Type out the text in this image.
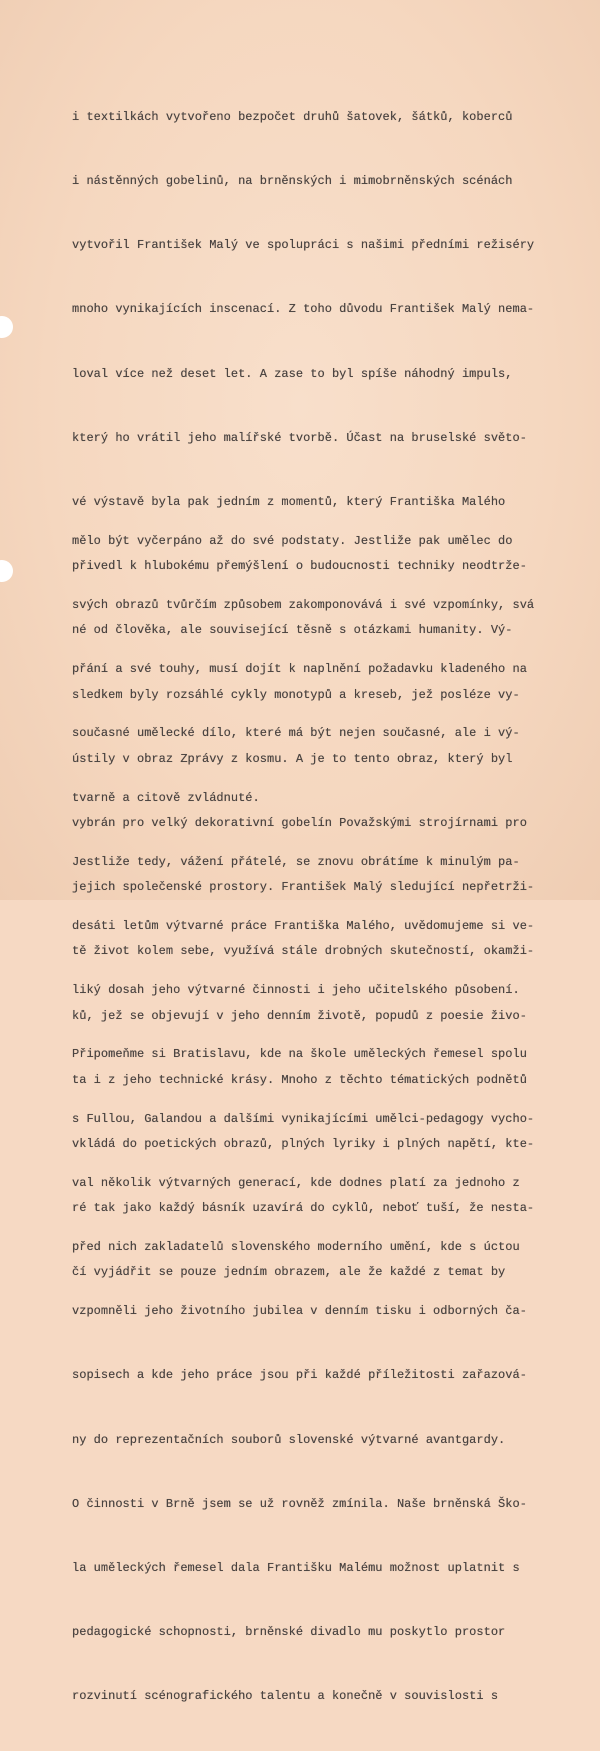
i textilkách vytvořeno bezpočet druhů šatovek, šátků, koberců

i nástěnných gobelinů, na brněnských i mimobrněnských scénách

vytvořil František Malý ve spolupráci s našimi předními režiséry

mnoho vynikajících inscenací. Z toho důvodu František Malý nema-

loval více než deset let. A zase to byl spíše náhodný impuls,

který ho vrátil jeho malířské tvorbě. Účast na bruselské světo-

vé výstavě byla pak jedním z momentů, který Františka Malého

přivedl k hlubokému přemýšlení o budoucnosti techniky neodtrže-

né od člověka, ale související těsně s otázkami humanity. Vý-

sledkem byly rozsáhlé cykly monotypů a kreseb, jež posléze vy-

ústily v obraz Zprávy z kosmu. A je to tento obraz, který byl

vybrán pro velký dekorativní gobelín Považskými strojírnami pro

jejich společenské prostory. František Malý sledující nepřetrži-

tě život kolem sebe, využívá stále drobných skutečností, okamži-

ků, jež se objevují v jeho denním životě, popudů z poesie živo-

ta i z jeho technické krásy. Mnoho z těchto tématických podnětů

vkládá do poetických obrazů, plných lyriky i plných napětí, kte-

ré tak jako každý básník uzavírá do cyklů, neboť tuší, že nesta-

čí vyjádřit se pouze jedním obrazem, ale že každé z temat by

mělo být vyčerpáno až do své podstaty. Jestliže pak umělec do

svých obrazů tvůrčím způsobem zakomponovává i své vzpomínky, svá

přání a své touhy, musí dojít k naplnění požadavku kladeného na

současné umělecké dílo, které má být nejen současné, ale i vý-

tvarně a citově zvládnuté.

Jestliže tedy, vážení přátelé, se znovu obrátíme k minulým pa-

desáti letům výtvarné práce Františka Malého, uvědomujeme si ve-

liký dosah jeho výtvarné činnosti i jeho učitelského působení.

Připomeňme si Bratislavu, kde na škole uměleckých řemesel spolu

s Fullou, Galandou a dalšími vynikajícími umělci-pedagogy vycho-

val několik výtvarných generací, kde dodnes platí za jednoho z

před nich zakladatelů slovenského moderního umění, kde s úctou

vzpomněli jeho životního jubilea v denním tisku i odborných ča-

sopisech a kde jeho práce jsou při každé příležitosti zařazová-

ny do reprezentačních souborů slovenské výtvarné avantgardy.

O činnosti v Brně jsem se už rovněž zmínila. Naše brněnská Ško-

la uměleckých řemesel dala Františku Malému možnost uplatnit s

pedagogické schopnosti, brněnské divadlo mu poskytlo prostor

rozvinutí scénografického talentu a konečně v souvislosti s
